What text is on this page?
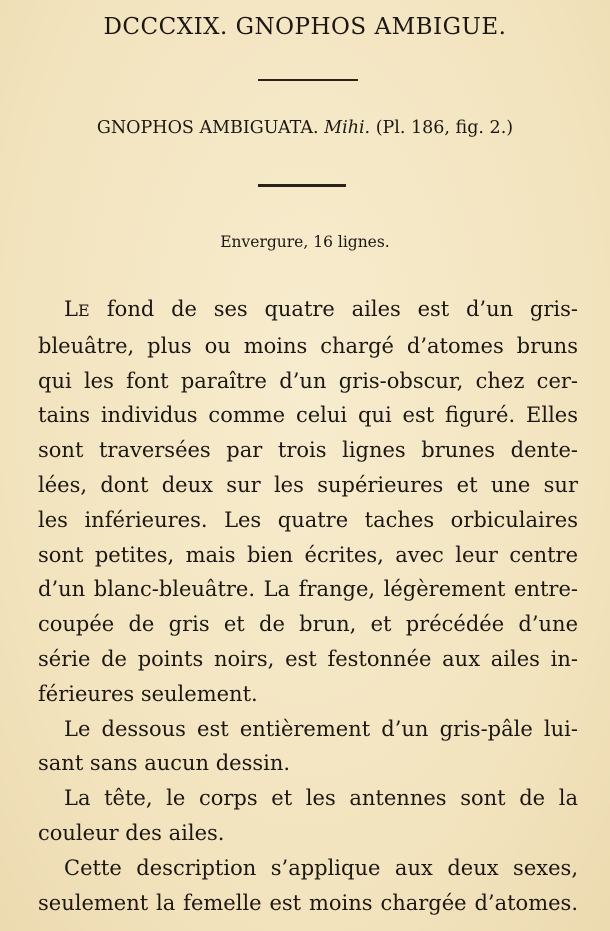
DCCCXIX. GNOPHOS AMBIGUE.
GNOPHOS AMBIGUATA. Mihi. (Pl. 186, fig. 2.)
Envergure, 16 lignes.

LE fond de ses quatre ailes est d’un gris-
bleuâtre, plus ou moins chargé d’atomes bruns
qui les font paraître d’un gris-obscur, chez cer-
tains individus comme celui qui est figuré. Elles
sont traversées par trois lignes brunes dente-
lées, dont deux sur les supérieures et une sur
les inférieures. Les quatre taches orbiculaires
sont petites, mais bien écrites, avec leur centre
d’un blanc-bleuâtre. La frange, légèrement entre-
coupée de gris et de brun, et précédée d’une
série de points noirs, est festonnée aux ailes in-
férieures seulement.

Le dessous est entièrement d’un gris-pâle lui-
sant sans aucun dessin.

La tête, le corps et les antennes sont de la
couleur des ailes.

Cette description s’applique aux deux sexes,
seulement la femelle est moins chargée d’atomes.
